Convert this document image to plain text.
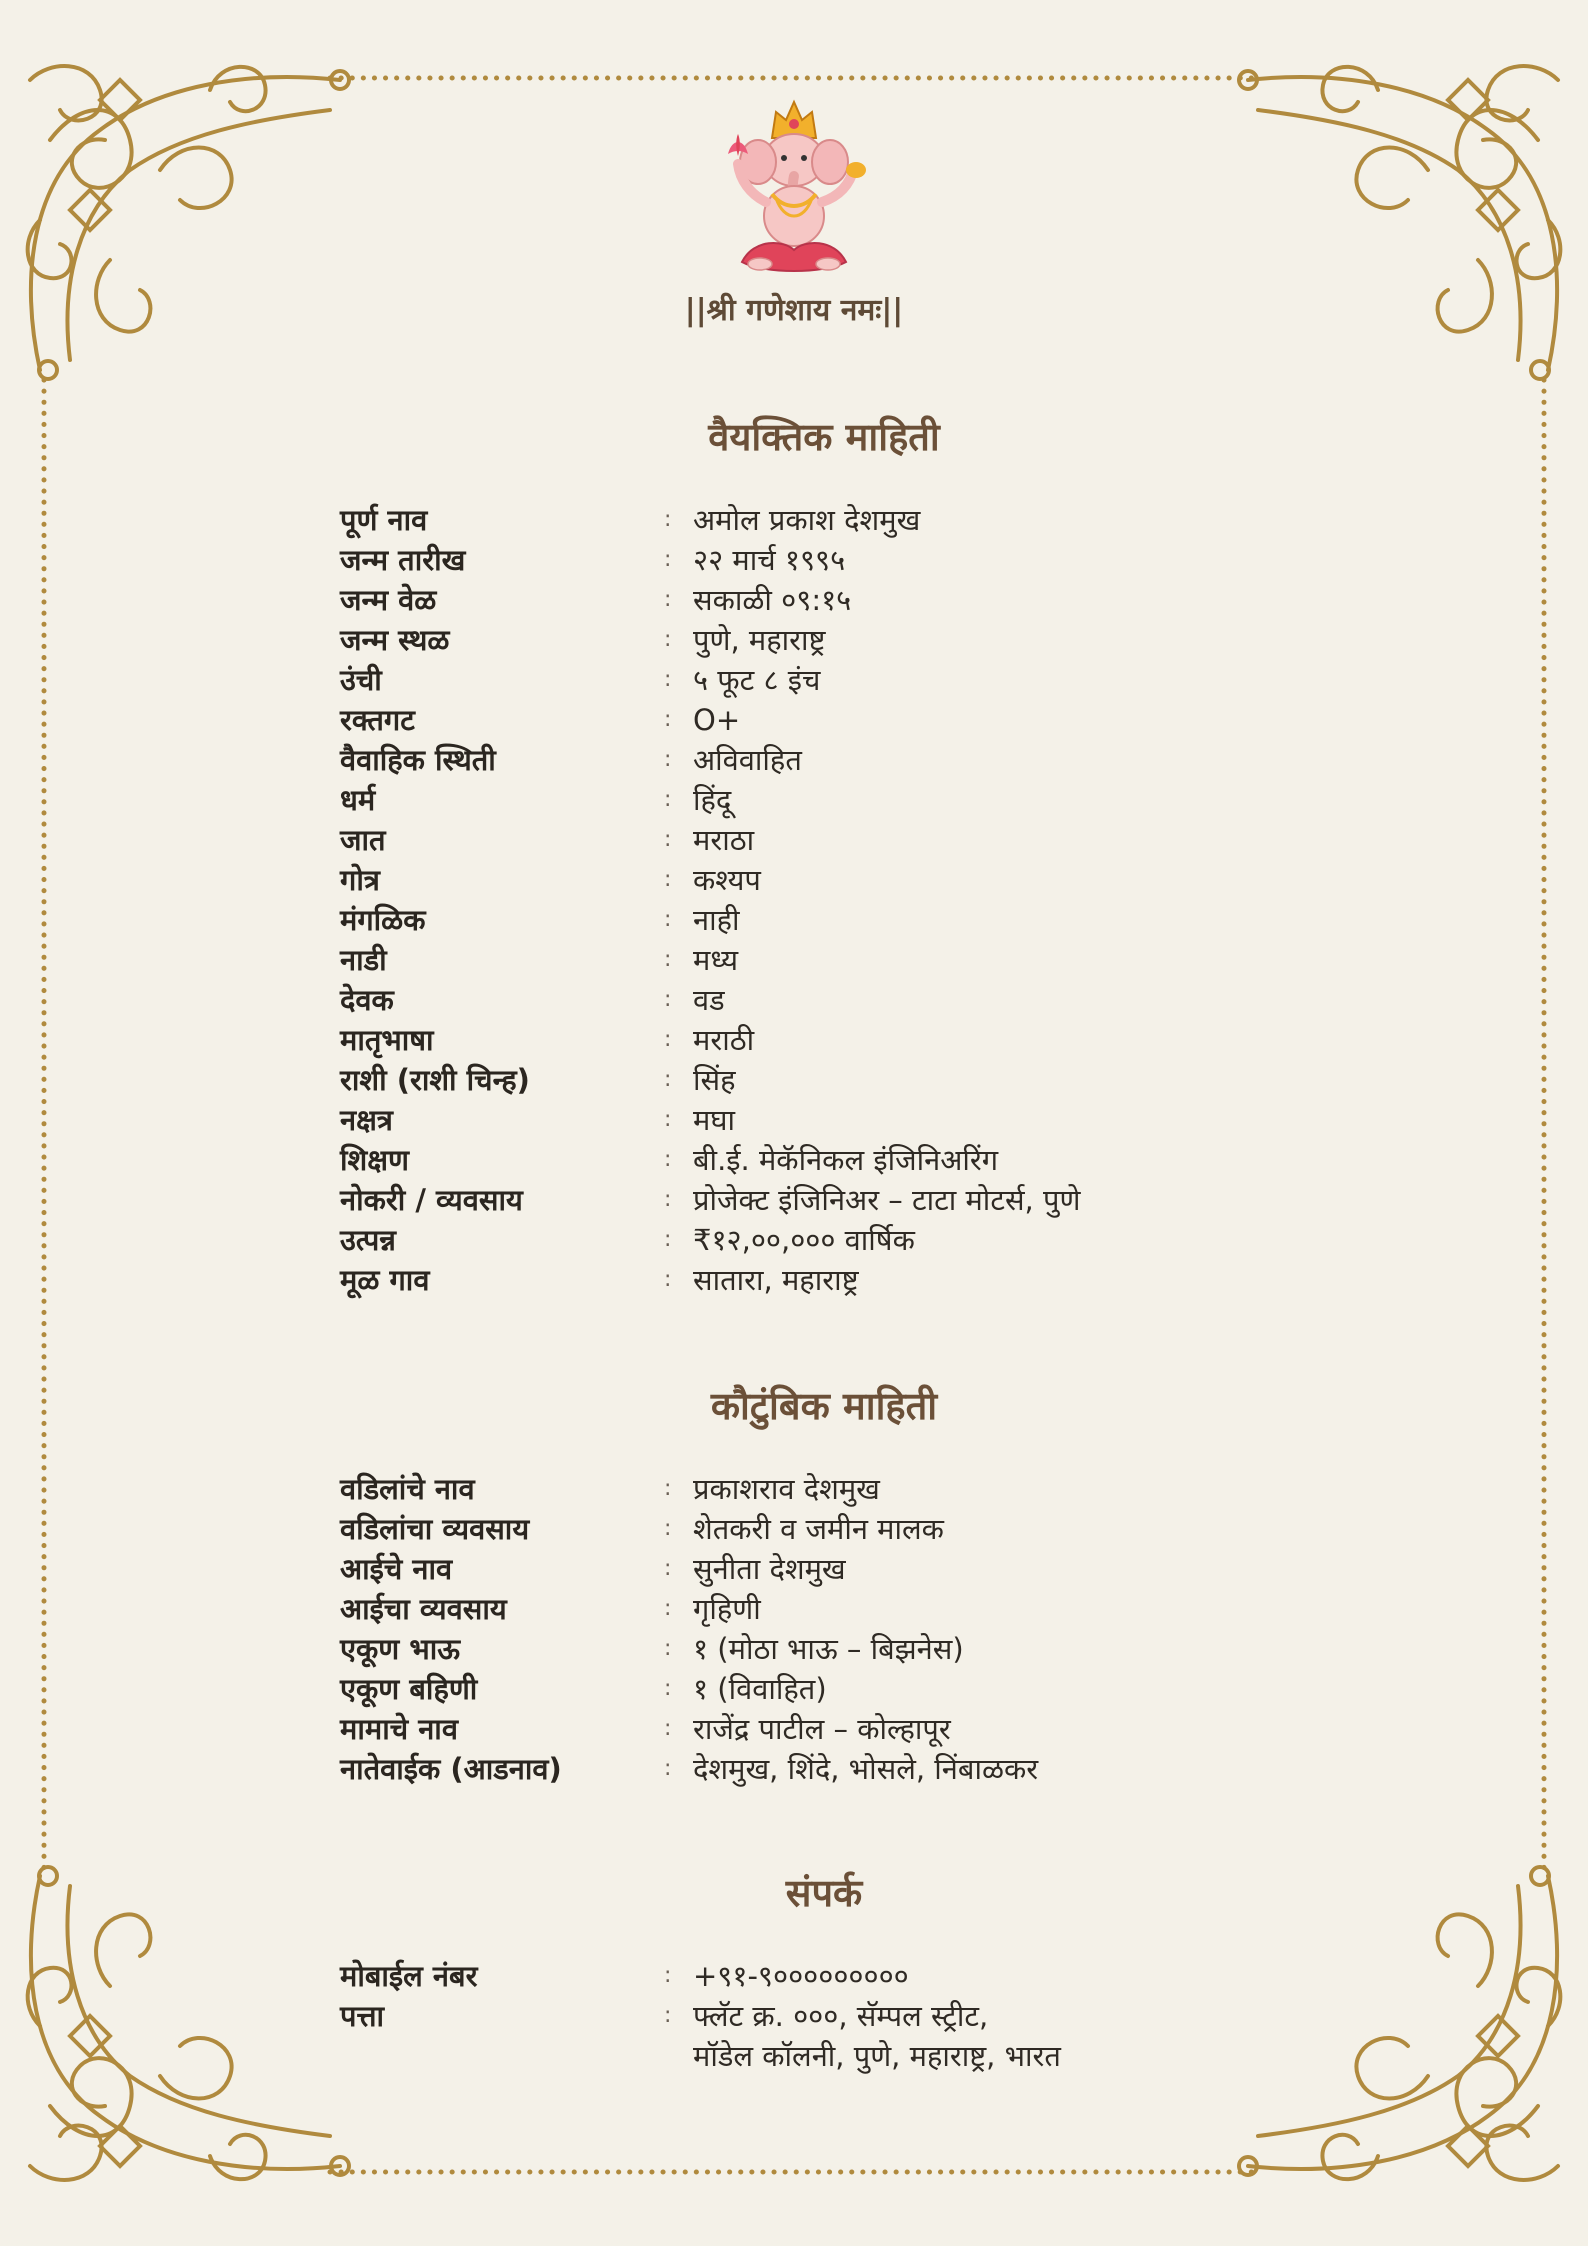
||श्री गणेशाय नमः||
वैयक्तिक माहिती
पूर्ण नाव	: अमोल प्रकाश देशमुख
जन्म तारीख	: २२ मार्च १९९५
जन्म वेळ	: सकाळी ०९:१५
जन्म स्थळ	: पुणे, महाराष्ट्र
उंची	: ५ फूट ८ इंच
रक्तगट	: O+
वैवाहिक स्थिती	: अविवाहित
धर्म	: हिंदू
जात	: मराठा
गोत्र	: कश्यप
मंगळिक	: नाही
नाडी	: मध्य
देवक	: वड
मातृभाषा	: मराठी
राशी (राशी चिन्ह)	: सिंह
नक्षत्र	: मघा
शिक्षण	: बी.ई. मेकॅनिकल इंजिनिअरिंग
नोकरी / व्यवसाय	: प्रोजेक्ट इंजिनिअर – टाटा मोटर्स, पुणे
उत्पन्न	: ₹१२,००,००० वार्षिक
मूळ गाव	: सातारा, महाराष्ट्र
कौटुंबिक माहिती
वडिलांचे नाव	: प्रकाशराव देशमुख
वडिलांचा व्यवसाय	: शेतकरी व जमीन मालक
आईचे नाव	: सुनीता देशमुख
आईचा व्यवसाय	: गृहिणी
एकूण भाऊ	: १ (मोठा भाऊ – बिझनेस)
एकूण बहिणी	: १ (विवाहित)
मामाचे नाव	: राजेंद्र पाटील – कोल्हापूर
नातेवाईक (आडनाव)	: देशमुख, शिंदे, भोसले, निंबाळकर
संपर्क
मोबाईल नंबर	: +९१-९०००००००००
पत्ता	: फ्लॅट क्र. ०००, सॅम्पल स्ट्रीट,
मॉडेल कॉलनी, पुणे, महाराष्ट्र, भारत
